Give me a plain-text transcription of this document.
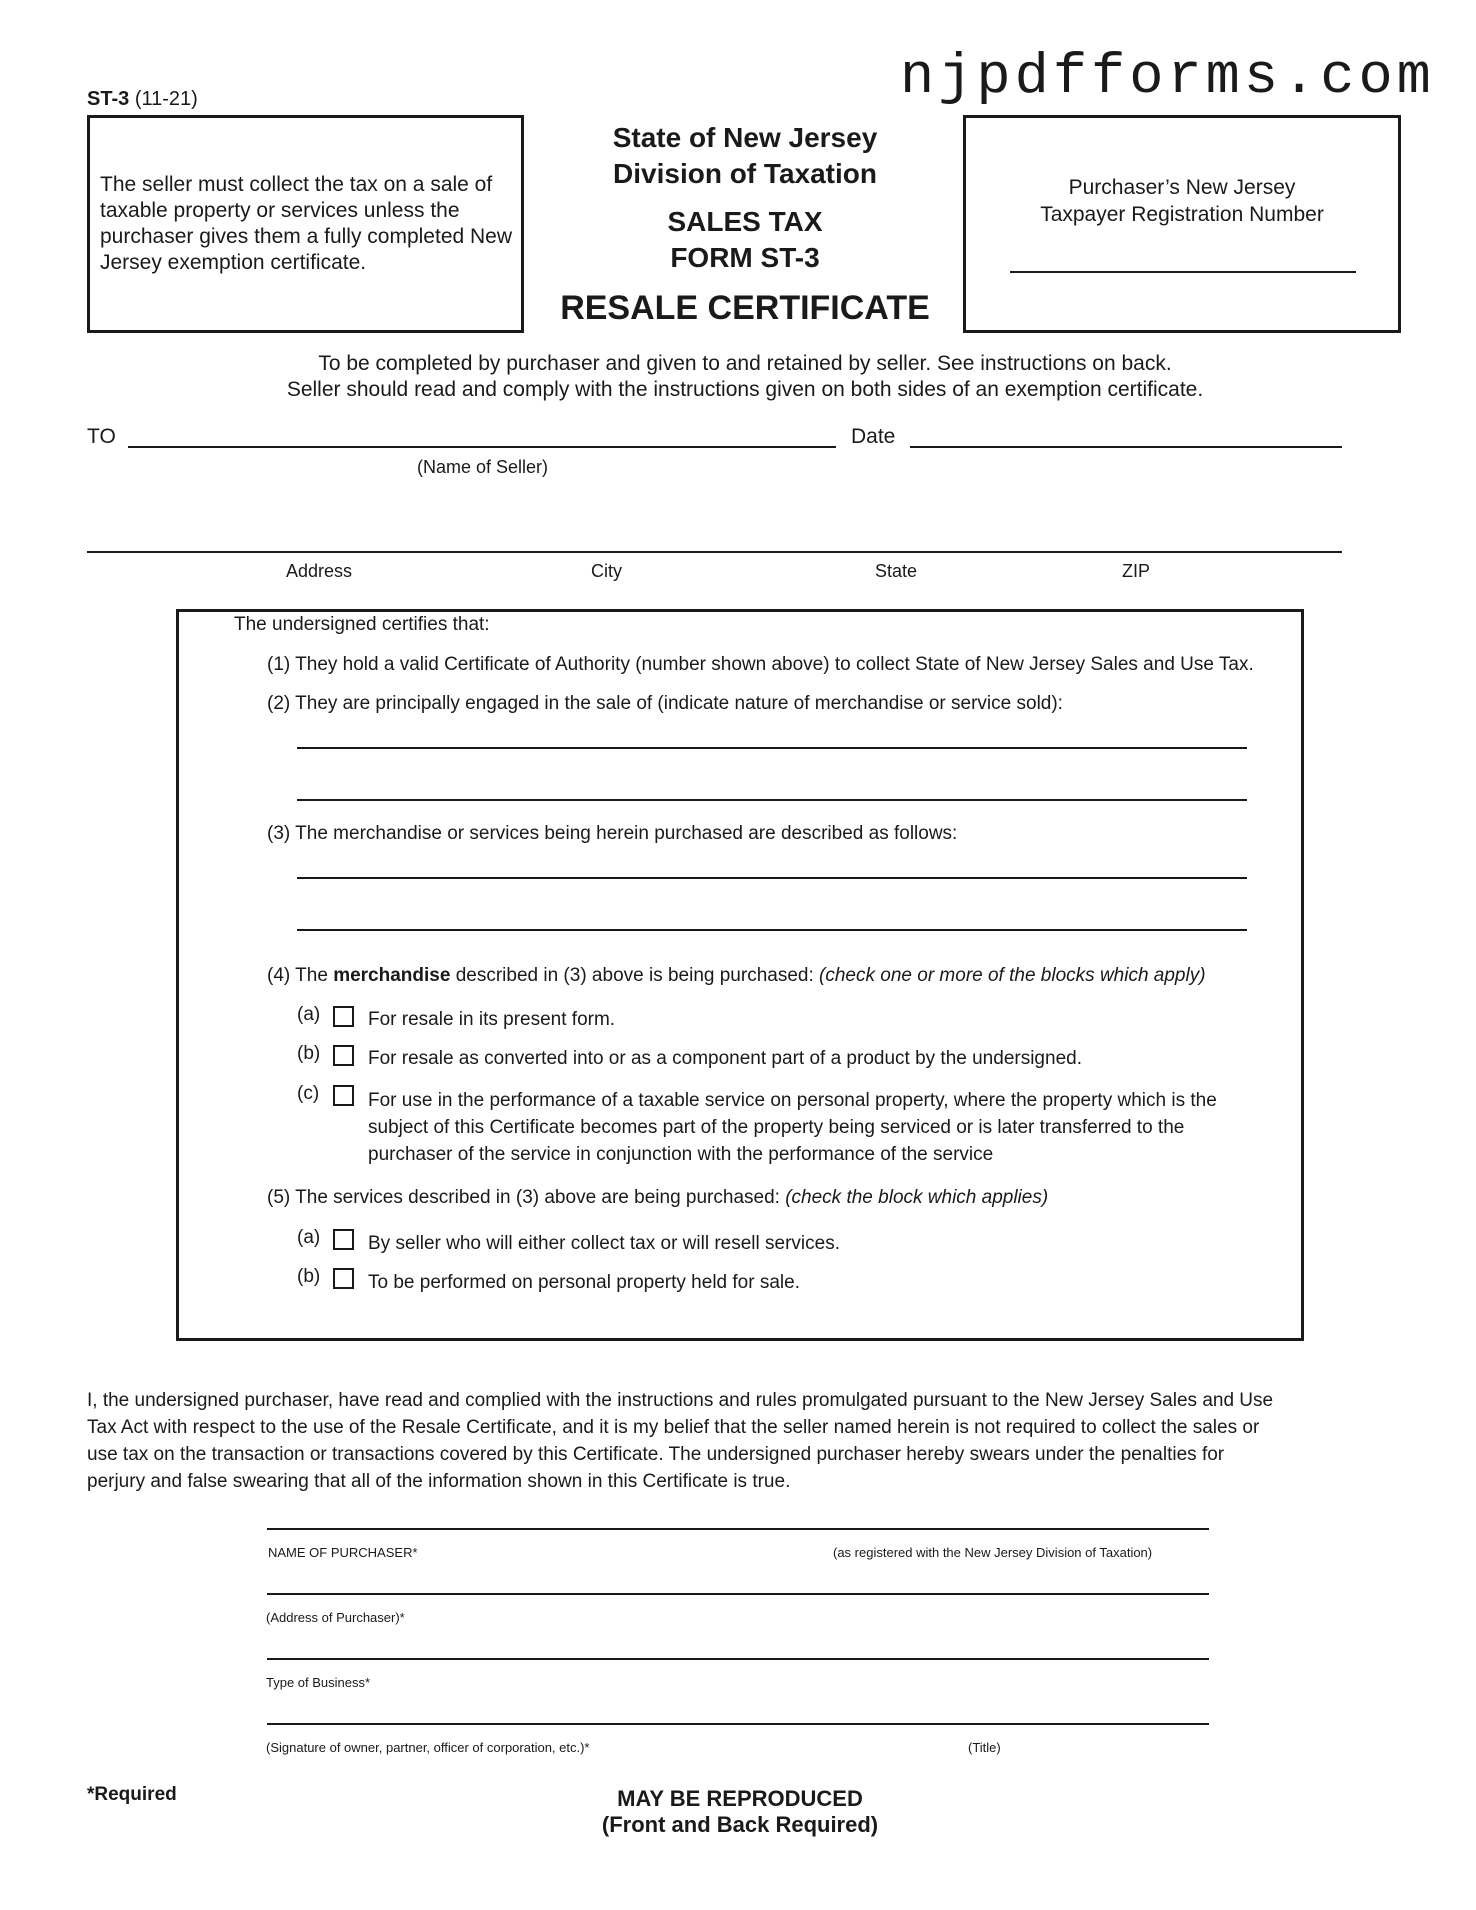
njpdfforms.com
ST-3 (11-21)
The seller must collect the tax on a sale of taxable property or services unless the purchaser gives them a fully completed New Jersey exemption certificate.
State of New Jersey
Division of Taxation
SALES TAX
FORM ST-3
RESALE CERTIFICATE
Purchaser’s New Jersey
Taxpayer Registration Number
To be completed by purchaser and given to and retained by seller. See instructions on back.
Seller should read and comply with the instructions given on both sides of an exemption certificate.
TO	Date
(Name of Seller)
Address	City	State	ZIP
The undersigned certifies that:
(1) They hold a valid Certificate of Authority (number shown above) to collect State of New Jersey Sales and Use Tax.
(2) They are principally engaged in the sale of (indicate nature of merchandise or service sold):
(3) The merchandise or services being herein purchased are described as follows:
(4) The merchandise described in (3) above is being purchased: (check one or more of the blocks which apply)
(a)	For resale in its present form.
(b)	For resale as converted into or as a component part of a product by the undersigned.
(c)	For use in the performance of a taxable service on personal property, where the property which is the
subject of this Certificate becomes part of the property being serviced or is later transferred to the
purchaser of the service in conjunction with the performance of the service
(5) The services described in (3) above are being purchased: (check the block which applies)
(a)	By seller who will either collect tax or will resell services.
(b)	To be performed on personal property held for sale.
I, the undersigned purchaser, have read and complied with the instructions and rules promulgated pursuant to the New Jersey Sales and Use
Tax Act with respect to the use of the Resale Certificate, and it is my belief that the seller named herein is not required to collect the sales or
use tax on the transaction or transactions covered by this Certificate. The undersigned purchaser hereby swears under the penalties for
perjury and false swearing that all of the information shown in this Certificate is true.
NAME OF PURCHASER*	(as registered with the New Jersey Division of Taxation)
(Address of Purchaser)*
Type of Business*
(Signature of owner, partner, officer of corporation, etc.)*	(Title)
*Required	MAY BE REPRODUCED
(Front and Back Required)
